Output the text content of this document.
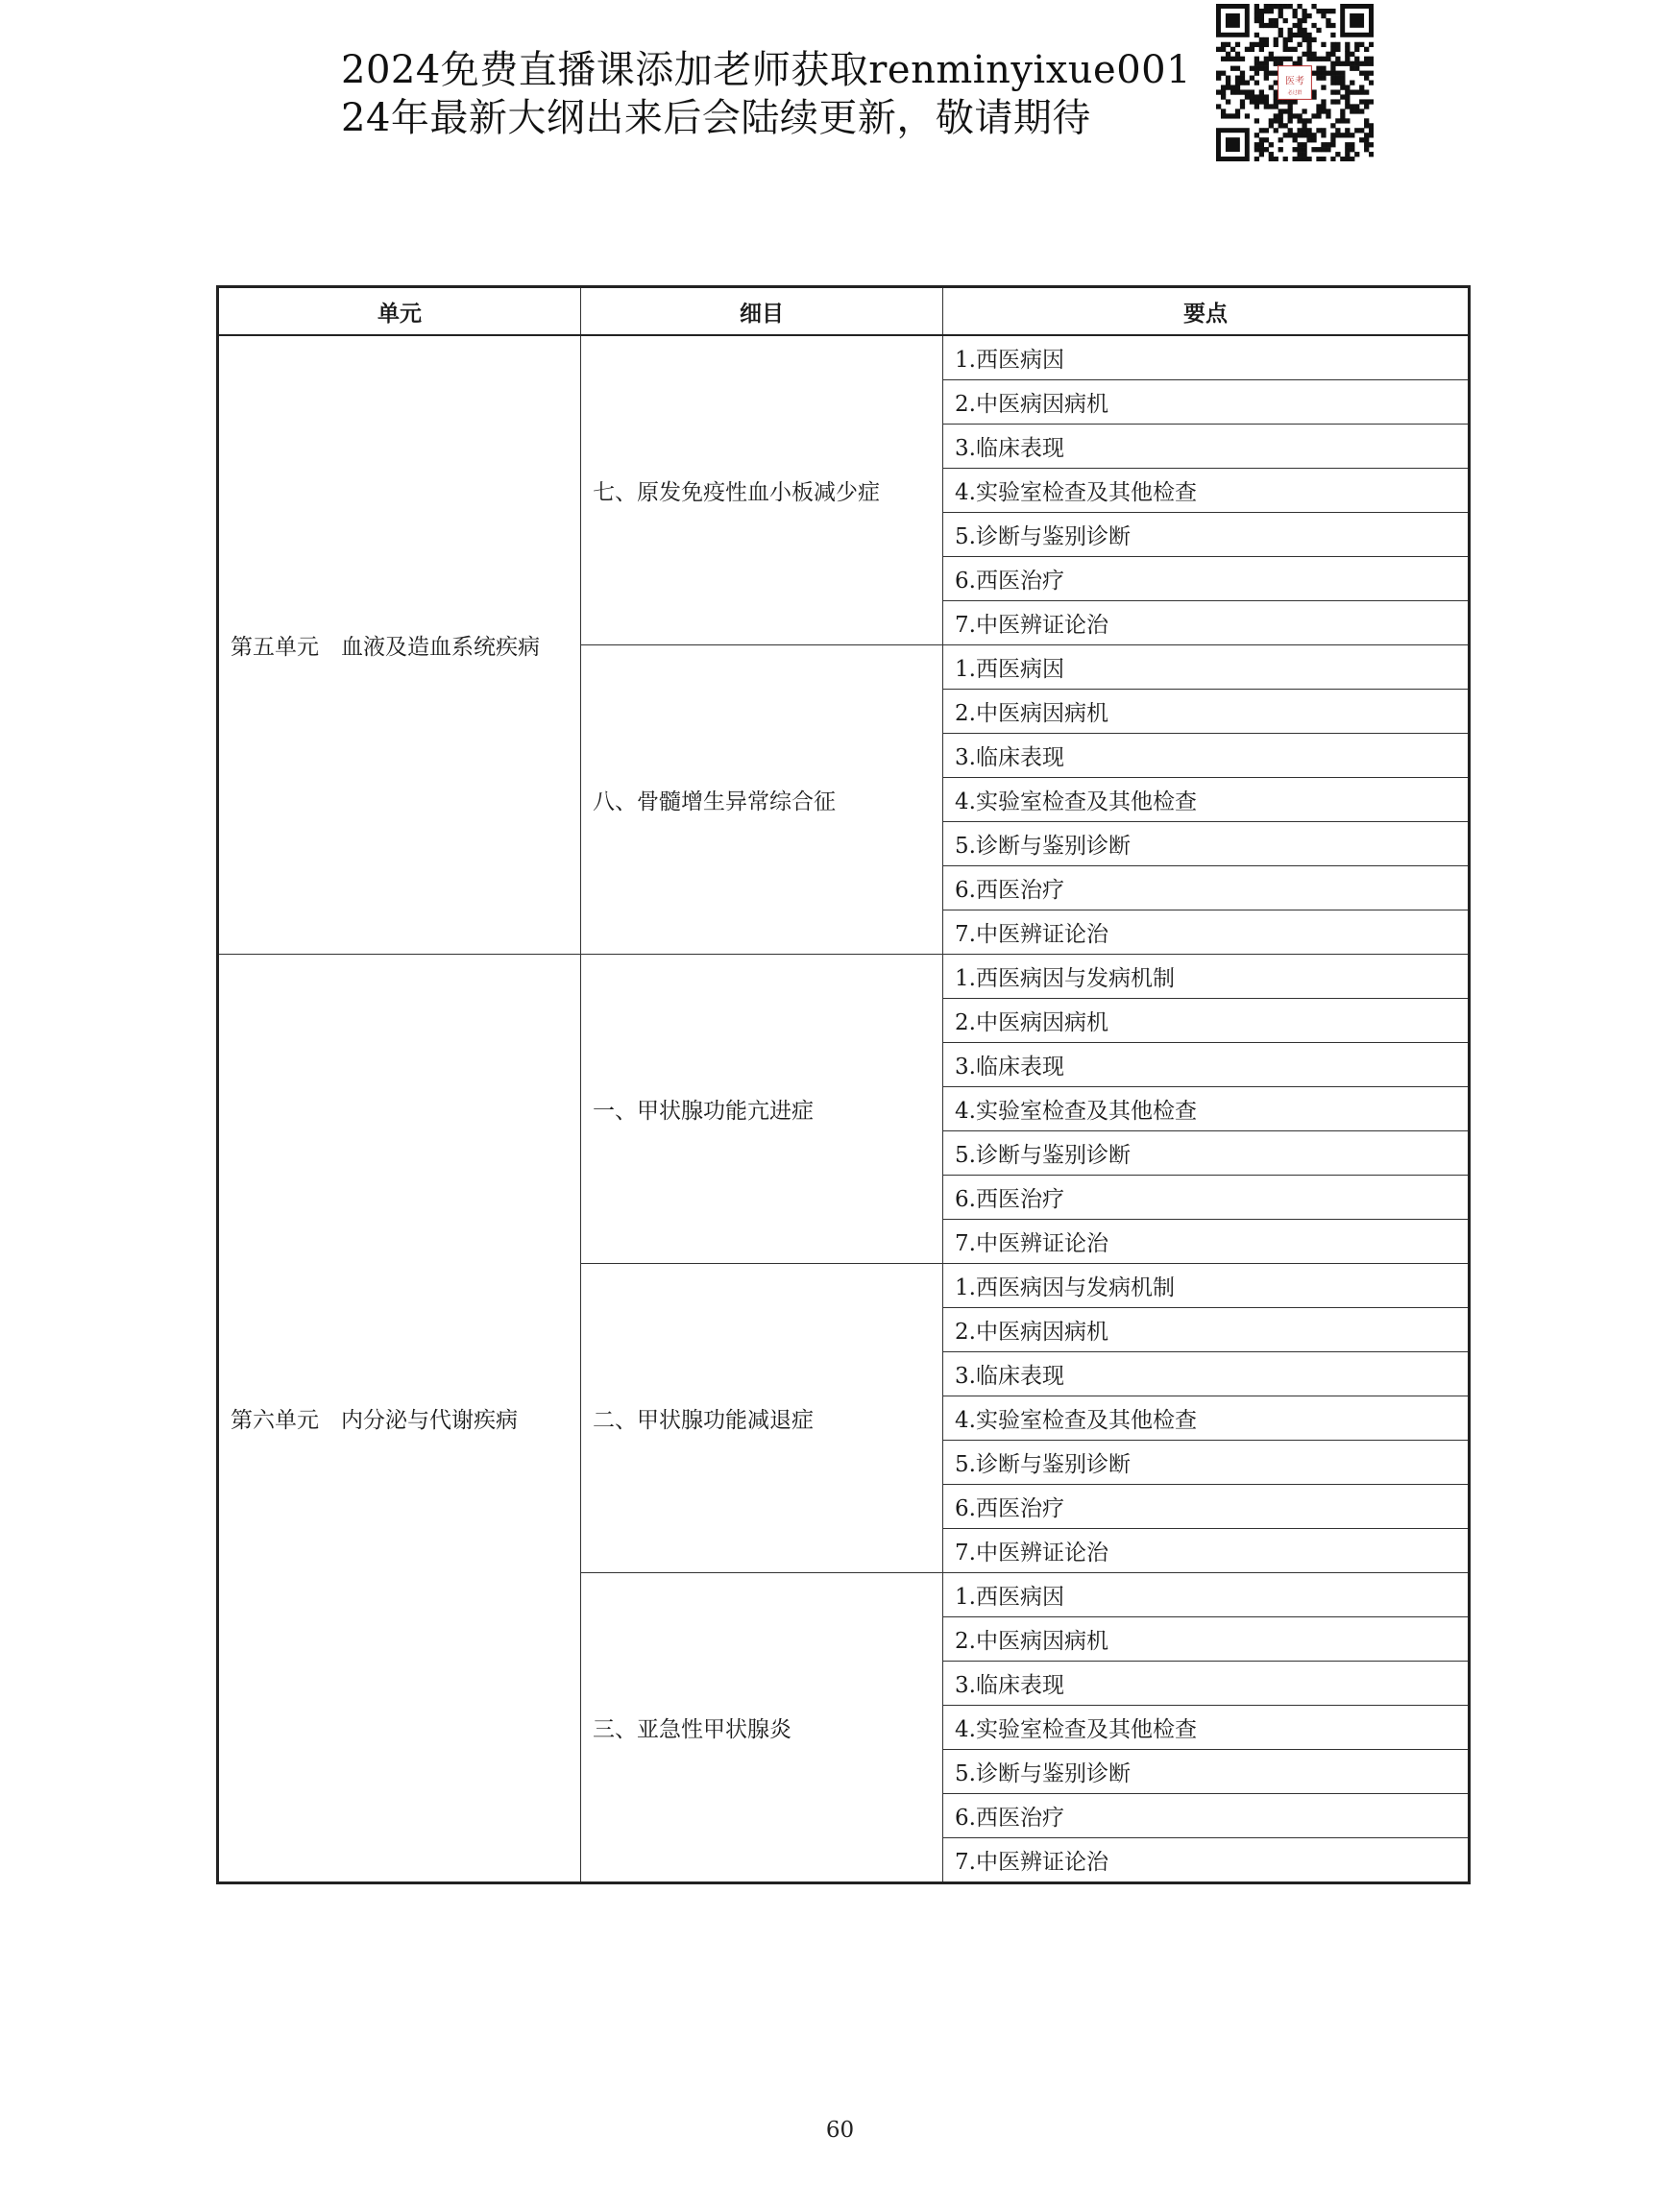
2024免费直播课添加老师获取renminyixue001
24年最新大纲出来后会陆续更新，敬请期待
医考
必过群
单元	细目	要点
第五单元　血液及造血系统疾病	七、原发免疫性血小板减少症	1.西医病因
		2.中医病因病机
		3.临床表现
		4.实验室检查及其他检查
		5.诊断与鉴别诊断
		6.西医治疗
		7.中医辨证论治
	八、骨髓增生异常综合征	1.西医病因
		2.中医病因病机
		3.临床表现
		4.实验室检查及其他检查
		5.诊断与鉴别诊断
		6.西医治疗
		7.中医辨证论治
第六单元　内分泌与代谢疾病	一、甲状腺功能亢进症	1.西医病因与发病机制
		2.中医病因病机
		3.临床表现
		4.实验室检查及其他检查
		5.诊断与鉴别诊断
		6.西医治疗
		7.中医辨证论治
	二、甲状腺功能减退症	1.西医病因与发病机制
		2.中医病因病机
		3.临床表现
		4.实验室检查及其他检查
		5.诊断与鉴别诊断
		6.西医治疗
		7.中医辨证论治
	三、亚急性甲状腺炎	1.西医病因
		2.中医病因病机
		3.临床表现
		4.实验室检查及其他检查
		5.诊断与鉴别诊断
		6.西医治疗
		7.中医辨证论治
60
